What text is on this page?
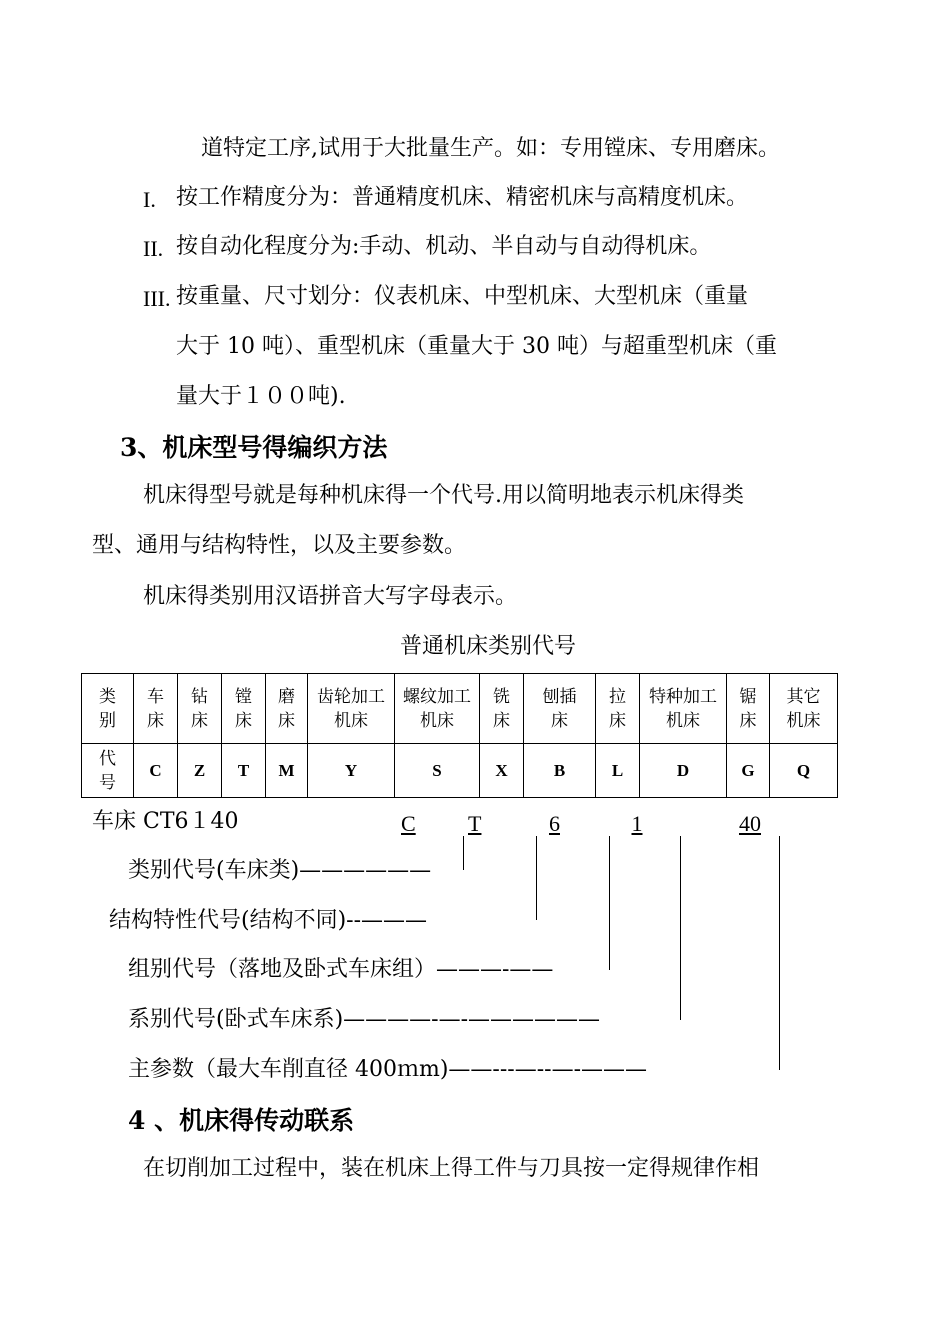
道特定工序,试用于大批量生产。如：专用镗床、专用磨床。
I. 按工作精度分为：普通精度机床、精密机床与高精度机床。
II. 按自动化程度分为:手动、机动、半自动与自动得机床。
III. 按重量、尺寸划分：仪表机床、中型机床、大型机床（重量
大于 10 吨）、重型机床（重量大于 30 吨）与超重型机床（重
量大于１００吨).
3、机床型号得编织方法
机床得型号就是每种机床得一个代号.用以简明地表示机床得类
型、通用与结构特性，以及主要参数。
机床得类别用汉语拼音大写字母表示。
普通机床类别代号
类别	车床	钻床	镗床	磨床	齿轮加工机床	螺纹加工机床	铣床	刨插床	拉床	特种加工机床	锯床	其它机床
代号	C	Z	T	M	Y	S	X	B	L	D	G	Q
车床 CT6１40	C T	6	1	40
类别代号(车床类)——————
结构特性代号(结构不同)--———
组别代号（落地及卧式车床组）———-——
系别代号(卧式车床系)————-—-——————
主参数（最大车削直径 400ｍm)——---—--—-———
4 、机床得传动联系
在切削加工过程中，装在机床上得工件与刀具按一定得规律作相
